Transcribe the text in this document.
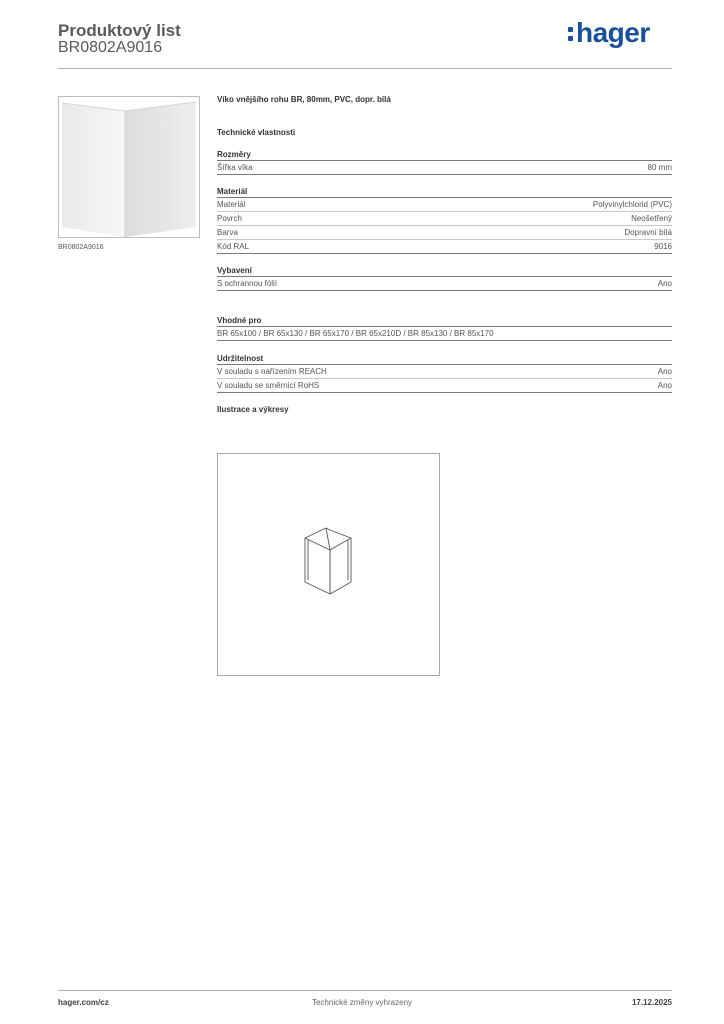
Produktový list
BR0802A9016	hager
BR0802A9016
Víko vnějšího rohu BR, 80mm, PVC, dopr. bílá
Technické vlastnosti
Rozměry
Šířka víka	80 mm
Materiál
Materiál	Polyvinylchlorid (PVC)
Povrch	Neošetřený
Barva	Dopravní bílá
Kód RAL	9016
Vybavení
S ochrannou fólií	Ano
Vhodné pro
BR 65x100 / BR 65x130 / BR 65x170 / BR 65x210D / BR 85x130 / BR 85x170
Udržitelnost
V souladu s nařízením REACH	Ano
V souladu se směrnicí RoHS	Ano
Ilustrace a výkresy
hager.com/cz	Technické změny vyhrazeny	17.12.2025
